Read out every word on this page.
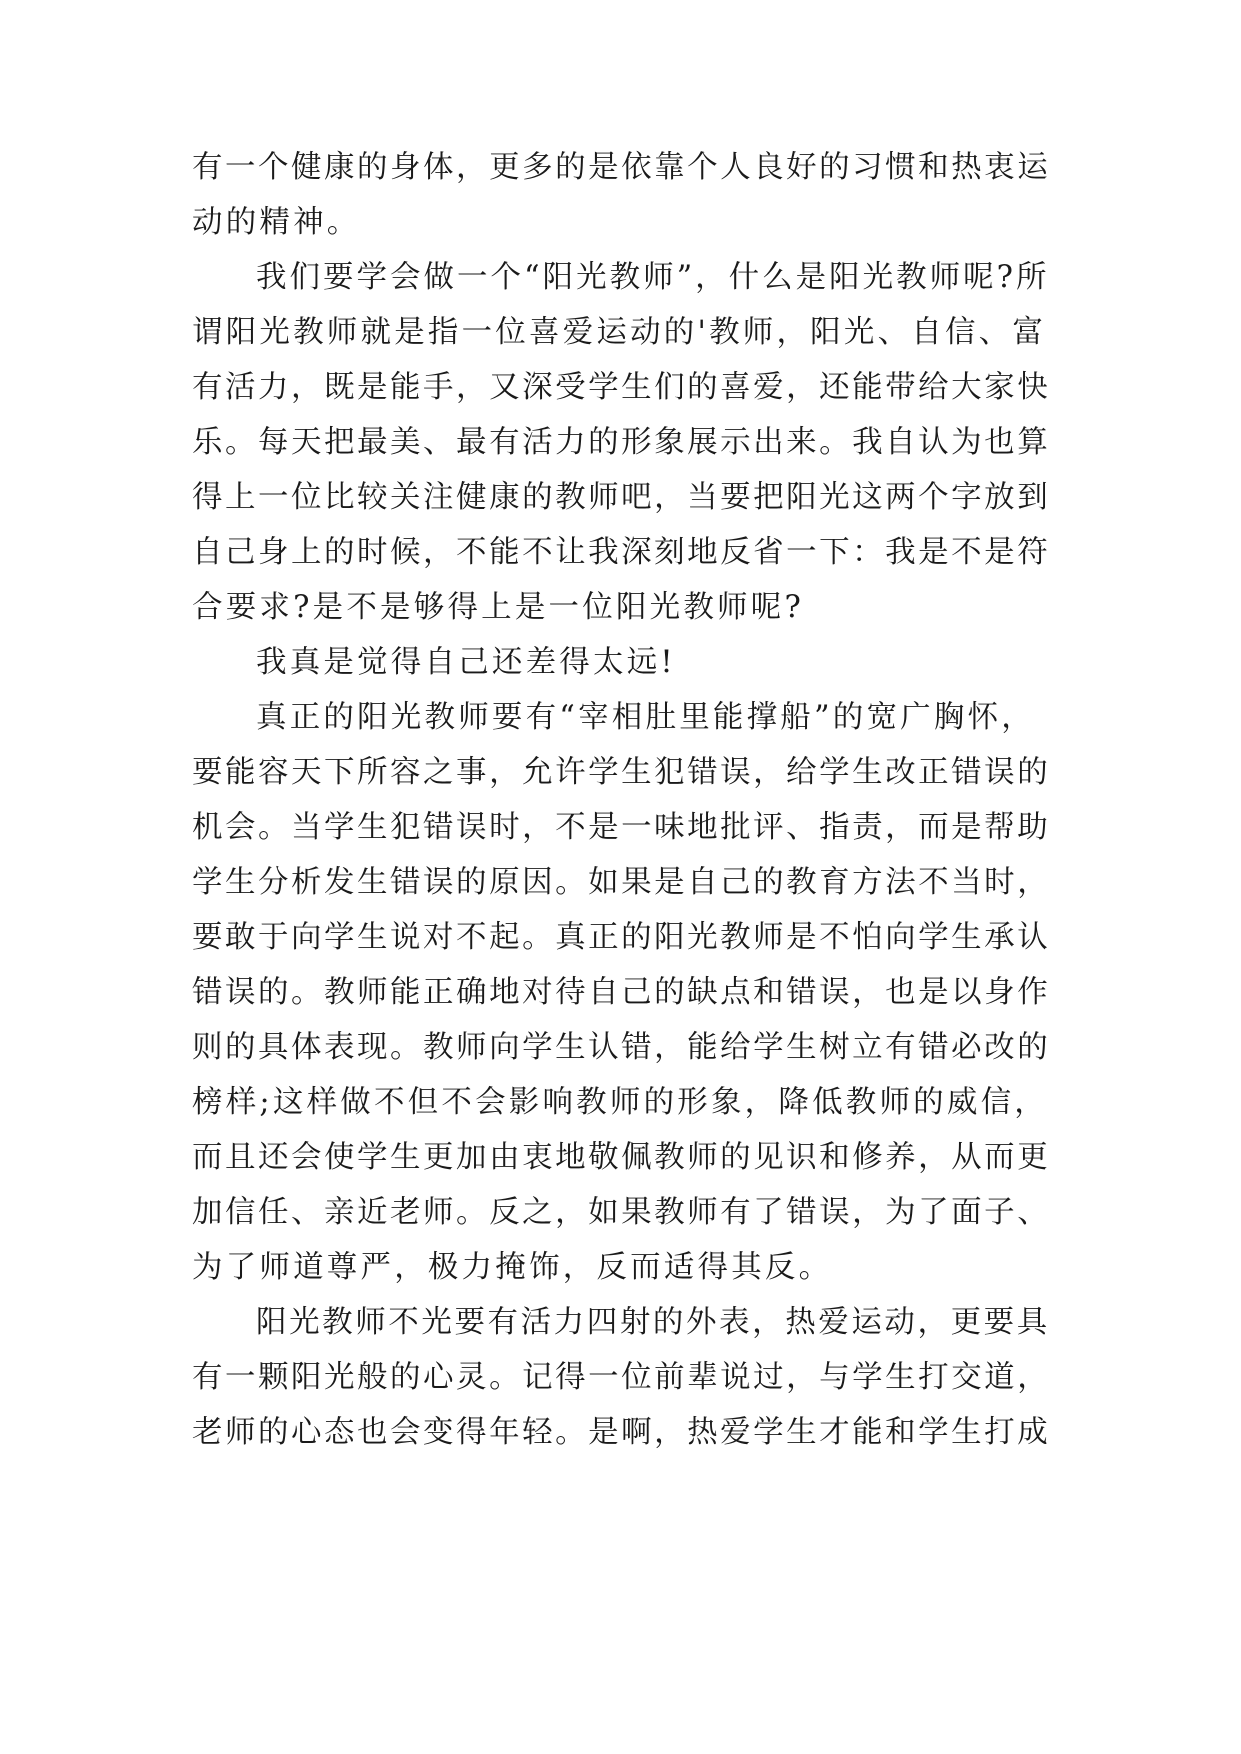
有一个健康的身体，更多的是依靠个人良好的习惯和热衷运
动的精神。
我们要学会做一个“阳光教师”，什么是阳光教师呢?所
谓阳光教师就是指一位喜爱运动的'教师，阳光、自信、富
有活力，既是能手，又深受学生们的喜爱，还能带给大家快
乐。每天把最美、最有活力的形象展示出来。我自认为也算
得上一位比较关注健康的教师吧，当要把阳光这两个字放到
自己身上的时候，不能不让我深刻地反省一下：我是不是符
合要求?是不是够得上是一位阳光教师呢?
我真是觉得自己还差得太远!
真正的阳光教师要有“宰相肚里能撑船”的宽广胸怀，
要能容天下所容之事，允许学生犯错误，给学生改正错误的
机会。当学生犯错误时，不是一味地批评、指责，而是帮助
学生分析发生错误的原因。如果是自己的教育方法不当时，
要敢于向学生说对不起。真正的阳光教师是不怕向学生承认
错误的。教师能正确地对待自己的缺点和错误，也是以身作
则的具体表现。教师向学生认错，能给学生树立有错必改的
榜样;这样做不但不会影响教师的形象，降低教师的威信，
而且还会使学生更加由衷地敬佩教师的见识和修养，从而更
加信任、亲近老师。反之，如果教师有了错误，为了面子、
为了师道尊严，极力掩饰，反而适得其反。
阳光教师不光要有活力四射的外表，热爱运动，更要具
有一颗阳光般的心灵。记得一位前辈说过，与学生打交道，
老师的心态也会变得年轻。是啊，热爱学生才能和学生打成
